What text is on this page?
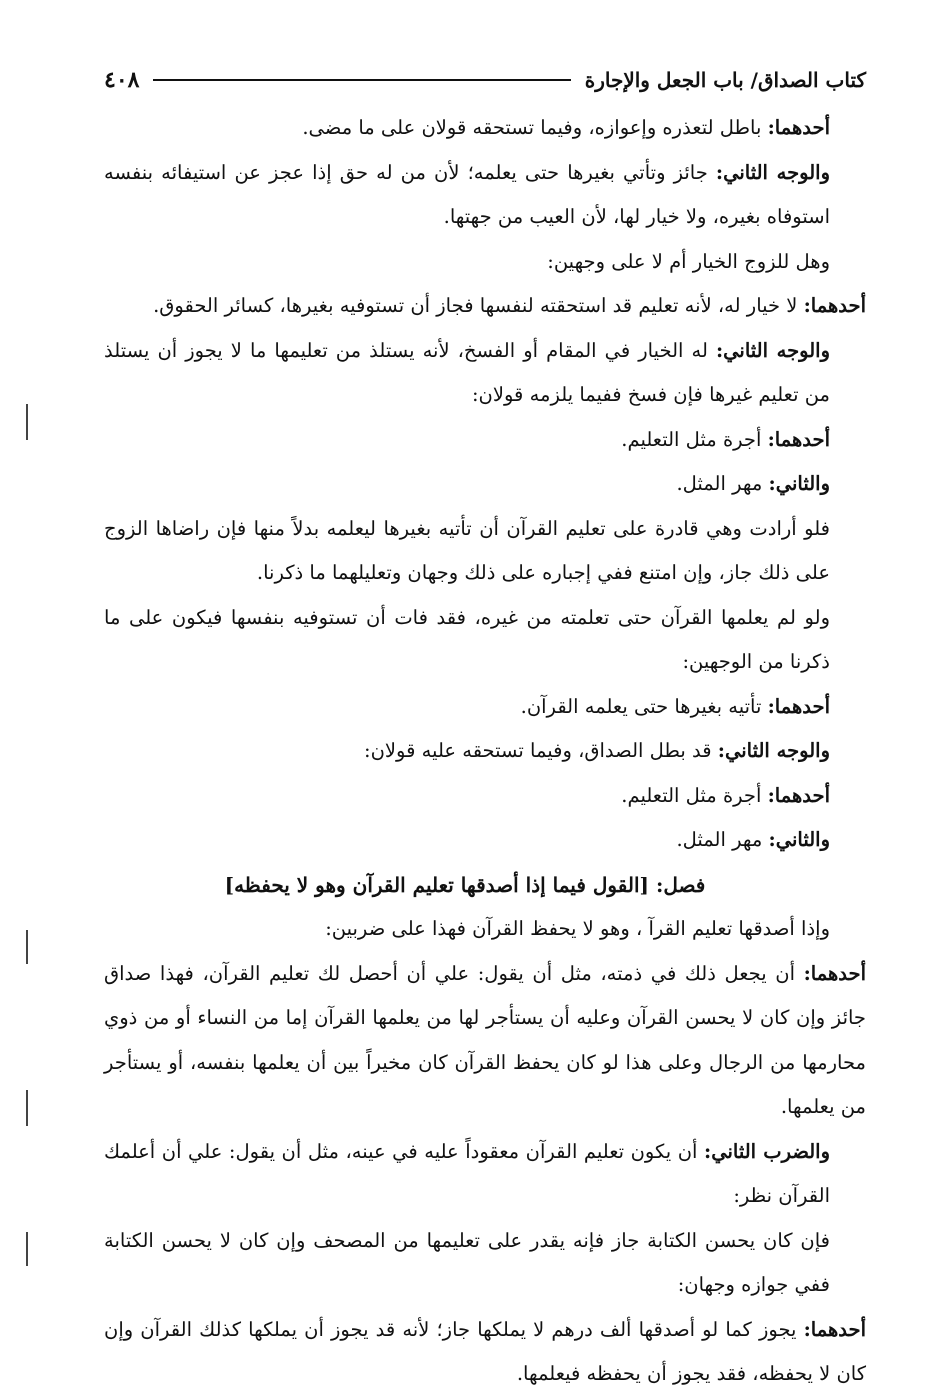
كتاب الصداق/ باب الجعل والإجارة
٤٠٨

أحدهما: باطل لتعذره وإعوازه، وفيما تستحقه قولان على ما مضى.

والوجه الثاني: جائز وتأتي بغيرها حتى يعلمه؛ لأن من له حق إذا عجز عن استيفائه بنفسه استوفاه بغيره، ولا خيار لها، لأن العيب من جهتها.

وهل للزوج الخيار أم لا على وجهين:

أحدهما: لا خيار له، لأنه تعليم قد استحقته لنفسها فجاز أن تستوفيه بغيرها، كسائر الحقوق.

والوجه الثاني: له الخيار في المقام أو الفسخ، لأنه يستلذ من تعليمها ما لا يجوز أن يستلذ من تعليم غيرها فإن فسخ ففيما يلزمه قولان:

أحدهما: أجرة مثل التعليم.

والثاني: مهر المثل.

فلو أرادت وهي قادرة على تعليم القرآن أن تأتيه بغيرها ليعلمه بدلاً منها فإن راضاها الزوج على ذلك جاز، وإن امتنع ففي إجباره على ذلك وجهان وتعليلهما ما ذكرنا.

ولو لم يعلمها القرآن حتى تعلمته من غيره، فقد فات أن تستوفيه بنفسها فيكون على ما ذكرنا من الوجهين:

أحدهما: تأتيه بغيرها حتى يعلمه القرآن.

والوجه الثاني: قد بطل الصداق، وفيما تستحقه عليه قولان:

أحدهما: أجرة مثل التعليم.

والثاني: مهر المثل.

فصل: [القول فيما إذا أصدقها تعليم القرآن وهو لا يحفظه]

وإذا أصدقها تعليم القرآ ، وهو لا يحفظ القرآن فهذا على ضربين:

أحدهما: أن يجعل ذلك في ذمته، مثل أن يقول: علي أن أحصل لك تعليم القرآن، فهذا صداق جائز وإن كان لا يحسن القرآن وعليه أن يستأجر لها من يعلمها القرآن إما من النساء أو من ذوي محارمها من الرجال وعلى هذا لو كان يحفظ القرآن كان مخيراً بين أن يعلمها بنفسه، أو يستأجر من يعلمها.

والضرب الثاني: أن يكون تعليم القرآن معقوداً عليه في عينه، مثل أن يقول: علي أن أعلمك القرآن نظر:

فإن كان يحسن الكتابة جاز فإنه يقدر على تعليمها من المصحف وإن كان لا يحسن الكتابة ففي جوازه وجهان:

أحدهما: يجوز كما لو أصدقها ألف درهم لا يملكها جاز؛ لأنه قد يجوز أن يملكها كذلك القرآن وإن كان لا يحفظه، فقد يجوز أن يحفظه فيعلمها.
